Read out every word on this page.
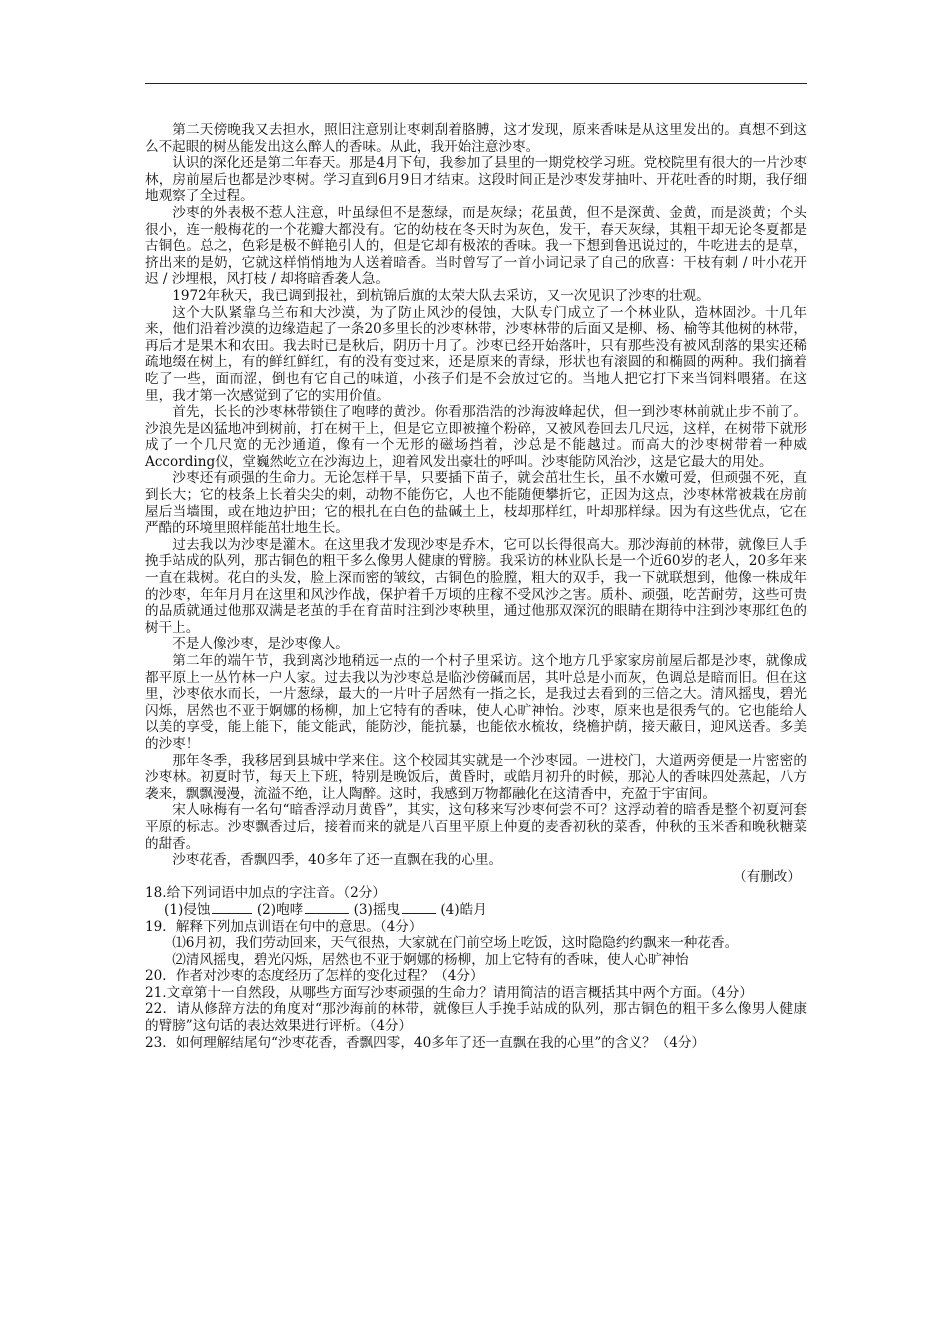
第二天傍晚我又去担水，照旧注意别让枣刺刮着胳膊，这才发现，原来香味是从这里发出的。真想不到这么不起眼的树丛能发出这么醉人的香味。从此，我开始注意沙枣。

认识的深化还是第二年春天。那是4月下旬，我参加了县里的一期党校学习班。党校院里有很大的一片沙枣林，房前屋后也都是沙枣树。学习直到6月9日才结束。这段时间正是沙枣发芽抽叶、开花吐香的时期，我仔细地观察了全过程。

沙枣的外表极不惹人注意，叶虽绿但不是葱绿，而是灰绿；花虽黄，但不是深黄、金黄，而是淡黄；个头很小，连一般梅花的一个花瓣大都没有。它的幼枝在冬天时为灰色，发干，春天灰绿，其粗干却无论冬夏都是古铜色。总之，色彩是极不鲜艳引人的，但是它却有极浓的香味。我一下想到鲁迅说过的，牛吃进去的是草，挤出来的是奶，它就这样悄悄地为人送着暗香。当时曾写了一首小词记录了自己的欣喜：干枝有刺 / 叶小花开迟 / 沙埋根，风打枝 / 却将暗香袭人急。

1972年秋天，我已调到报社，到杭锦后旗的太荣大队去采访，又一次见识了沙枣的壮观。

这个大队紧靠乌兰布和大沙漠，为了防止风沙的侵蚀，大队专门成立了一个林业队，造林固沙。十几年来，他们沿着沙漠的边缘造起了一条20多里长的沙枣林带，沙枣林带的后面又是柳、杨、榆等其他树的林带，再后才是果木和农田。我去时已是秋后，阴历十月了。沙枣已经开始落叶，只有那些没有被风刮落的果实还稀疏地缀在树上，有的鲜红鲜红，有的没有变过来，还是原来的青绿，形状也有滚圆的和椭圆的两种。我们摘着吃了一些，面而涩，倒也有它自己的味道，小孩子们是不会放过它的。当地人把它打下来当饲料喂猪。在这里，我才第一次感觉到了它的实用价值。

首先，长长的沙枣林带锁住了咆哮的黄沙。你看那浩浩的沙海波峰起伏，但一到沙枣林前就止步不前了。沙浪先是凶猛地冲到树前，打在树干上，但是它立即被撞个粉碎，又被风卷回去几尺远，这样，在树带下就形成了一个几尺宽的无沙通道，像有一个无形的磁场挡着，沙总是不能越过。而高大的沙枣树带着一种威According仪，堂巍然屹立在沙海边上，迎着风发出豪壮的呼叫。沙枣能防风治沙，这是它最大的用处。

沙枣还有顽强的生命力。无论怎样干旱，只要插下苗子，就会茁壮生长，虽不水嫩可爱，但顽强不死，直到长大；它的枝条上长着尖尖的刺，动物不能伤它，人也不能随便攀折它，正因为这点，沙枣林常被栽在房前屋后当墙围，或在地边护田；它的根扎在白色的盐碱土上，枝却那样红，叶却那样绿。因为有这些优点，它在严酷的环境里照样能茁壮地生长。

过去我以为沙枣是灌木。在这里我才发现沙枣是乔木，它可以长得很高大。那沙海前的林带，就像巨人手挽手站成的队列，那古铜色的粗干多么像男人健康的臂膀。我采访的林业队长是一个近60岁的老人，20多年来一直在栽树。花白的头发，脸上深而密的皱纹，古铜色的脸膛，粗大的双手，我一下就联想到，他像一株成年的沙枣，年年月月在这里和风沙作战，保护着千万顷的庄稼不受风沙之害。质朴、顽强，吃苦耐劳，这些可贵的品质就通过他那双满是老茧的手在育苗时注到沙枣秧里，通过他那双深沉的眼睛在期待中注到沙枣那红色的树干上。

不是人像沙枣，是沙枣像人。

第二年的端午节，我到离沙地稍远一点的一个村子里采访。这个地方几乎家家房前屋后都是沙枣，就像成都平原上一丛竹林一户人家。过去我以为沙枣总是临沙傍碱而居，其叶总是小而灰，色调总是暗而旧。但在这里，沙枣依水而长，一片葱绿，最大的一片叶子居然有一指之长，是我过去看到的三倍之大。清风摇曳，碧光闪烁，居然也不亚于婀娜的杨柳，加上它特有的香味，使人心旷神怡。沙枣，原来也是很秀气的。它也能给人以美的享受，能上能下，能文能武，能防沙，能抗暴，也能依水梳妆，绕檐护荫，接天蔽日，迎风送香。多美的沙枣！

那年冬季，我移居到县城中学来住。这个校园其实就是一个沙枣园。一进校门，大道两旁便是一片密密的沙枣林。初夏时节，每天上下班，特别是晚饭后，黄昏时，或皓月初升的时候，那沁人的香味四处蒸起，八方袭来，飘飘漫漫，流溢不绝，让人陶醉。这时，我感到万物都融化在这清香中，充盈于宇宙间。

宋人咏梅有一名句“暗香浮动月黄昏”，其实，这句移来写沙枣何尝不可？这浮动着的暗香是整个初夏河套平原的标志。沙枣飘香过后，接着而来的就是八百里平原上仲夏的麦香初秋的菜香，仲秋的玉米香和晚秋糖菜的甜香。

沙枣花香，香飘四季，40多年了还一直飘在我的心里。

（有删改）

18.给下列词语中加点的字注音。（2分）

(1)侵蚀	(2)咆哮	(3)摇曳	(4)皓月

19．解释下列加点训语在句中的意思。（4分）

⑴6月初，我们劳动回来，天气很热，大家就在门前空场上吃饭，这时隐隐约约飘来一种花香。

⑵清风摇曳，碧光闪烁，居然也不亚于婀娜的杨柳，加上它特有的香味，使人心旷神怡

20．作者对沙枣的态度经历了怎样的变化过程？（4分）

21.文章第十一自然段，从哪些方面写沙枣顽强的生命力？请用简洁的语言概括其中两个方面。（4分）

22．请从修辞方法的角度对“那沙海前的林带，就像巨人手挽手站成的队列，那古铜色的粗干多么像男人健康的臂膀”这句话的表达效果进行评析。（4分）

23．如何理解结尾句“沙枣花香，香飘四零，40多年了还一直飘在我的心里”的含义？（4分）
